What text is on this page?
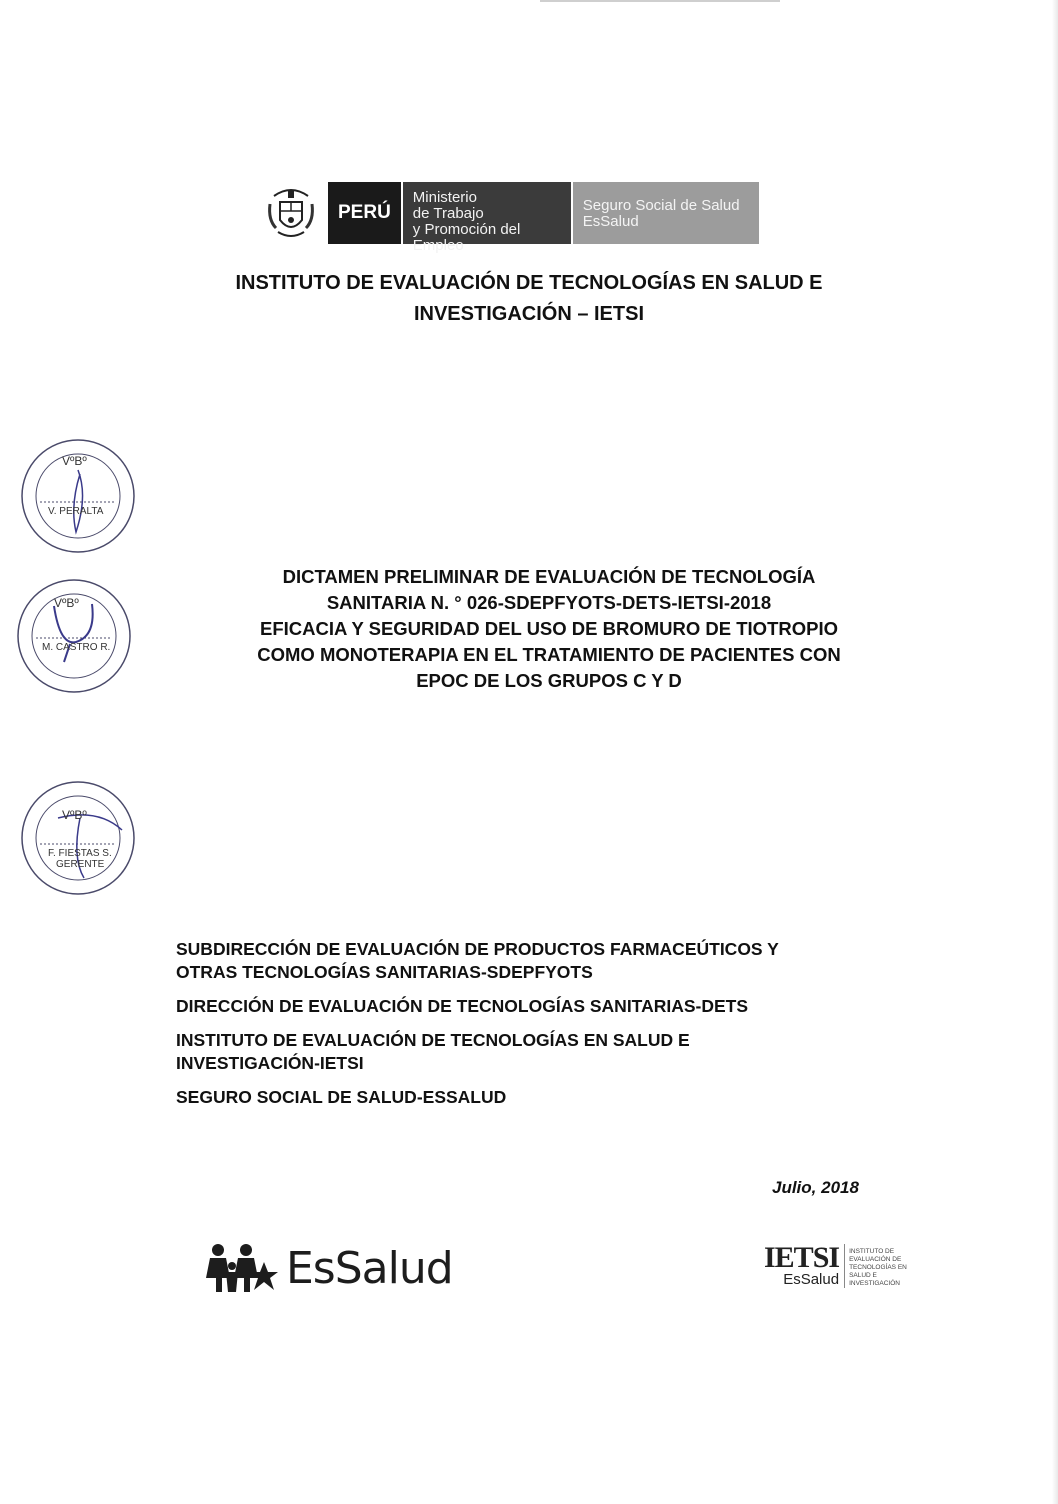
PERÚ
Ministerio
de Trabajo
y Promoción del Empleo
Seguro Social de Salud
EsSalud
INSTITUTO DE EVALUACIÓN DE TECNOLOGÍAS EN SALUD E
INVESTIGACIÓN – IETSI
VºBº
V. PERALTA
VºBº
M. CASTRO R.
VºBº
F. FIESTAS S.
GERENTE
DICTAMEN PRELIMINAR DE EVALUACIÓN DE TECNOLOGÍA
SANITARIA N. ° 026-SDEPFYOTS-DETS-IETSI-2018
EFICACIA Y SEGURIDAD DEL USO DE BROMURO DE TIOTROPIO
COMO MONOTERAPIA EN EL TRATAMIENTO DE PACIENTES CON
EPOC DE LOS GRUPOS C Y D
SUBDIRECCIÓN DE EVALUACIÓN DE PRODUCTOS FARMACEÚTICOS Y
OTRAS TECNOLOGÍAS SANITARIAS-SDEPFYOTS
DIRECCIÓN DE EVALUACIÓN DE TECNOLOGÍAS SANITARIAS-DETS
INSTITUTO DE EVALUACIÓN DE TECNOLOGÍAS EN SALUD E
INVESTIGACIÓN-IETSI
SEGURO SOCIAL DE SALUD-ESSALUD
Julio, 2018
EsSalud	IETSI
EsSalud
INSTITUTO DE
EVALUACIÓN DE
TECNOLOGÍAS EN
SALUD E
INVESTIGACIÓN
